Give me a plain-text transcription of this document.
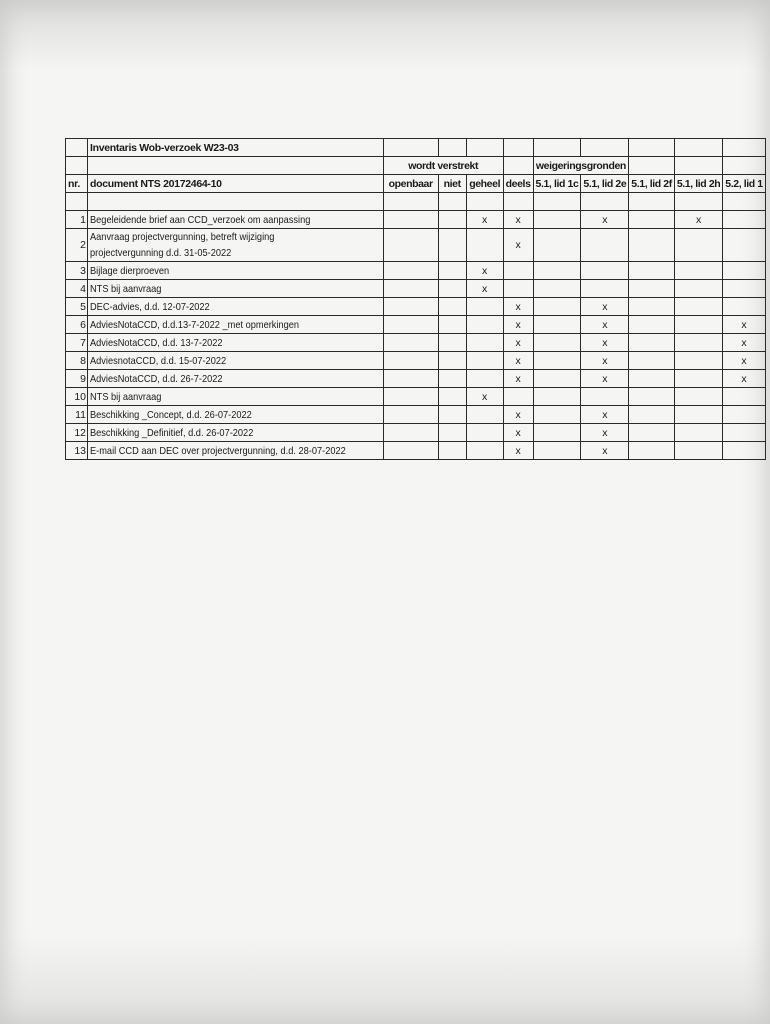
	Inventaris Wob-verzoek W23-03									
		wordt verstrekt				weigeringsgronden				
nr.	document NTS 20172464-10	openbaar	niet	geheel	deels	5.1, lid 1c	5.1, lid 2e	5.1, lid 2f	5.1, lid 2h	5.2, lid 1

1	Begeleidende brief aan CCD_verzoek om aanpassing			x	x		x		x	
2	Aanvraag projectvergunning, betreft wijziging projectvergunning d.d. 31-05-2022				x					
3	Bijlage dierproeven			x						
4	NTS bij aanvraag			x						
5	DEC-advies, d.d. 12-07-2022				x		x			
6	AdviesNotaCCD, d.d.13-7-2022 _met opmerkingen				x		x			x
7	AdviesNotaCCD, d.d. 13-7-2022				x		x			x
8	AdviesnotaCCD, d.d. 15-07-2022				x		x			x
9	AdviesNotaCCD, d.d. 26-7-2022				x		x			x
10	NTS bij aanvraag			x						
11	Beschikking _Concept, d.d. 26-07-2022				x		x			
12	Beschikking _Definitief, d.d. 26-07-2022				x		x			
13	E-mail CCD aan DEC over projectvergunning, d.d. 28-07-2022				x		x			
